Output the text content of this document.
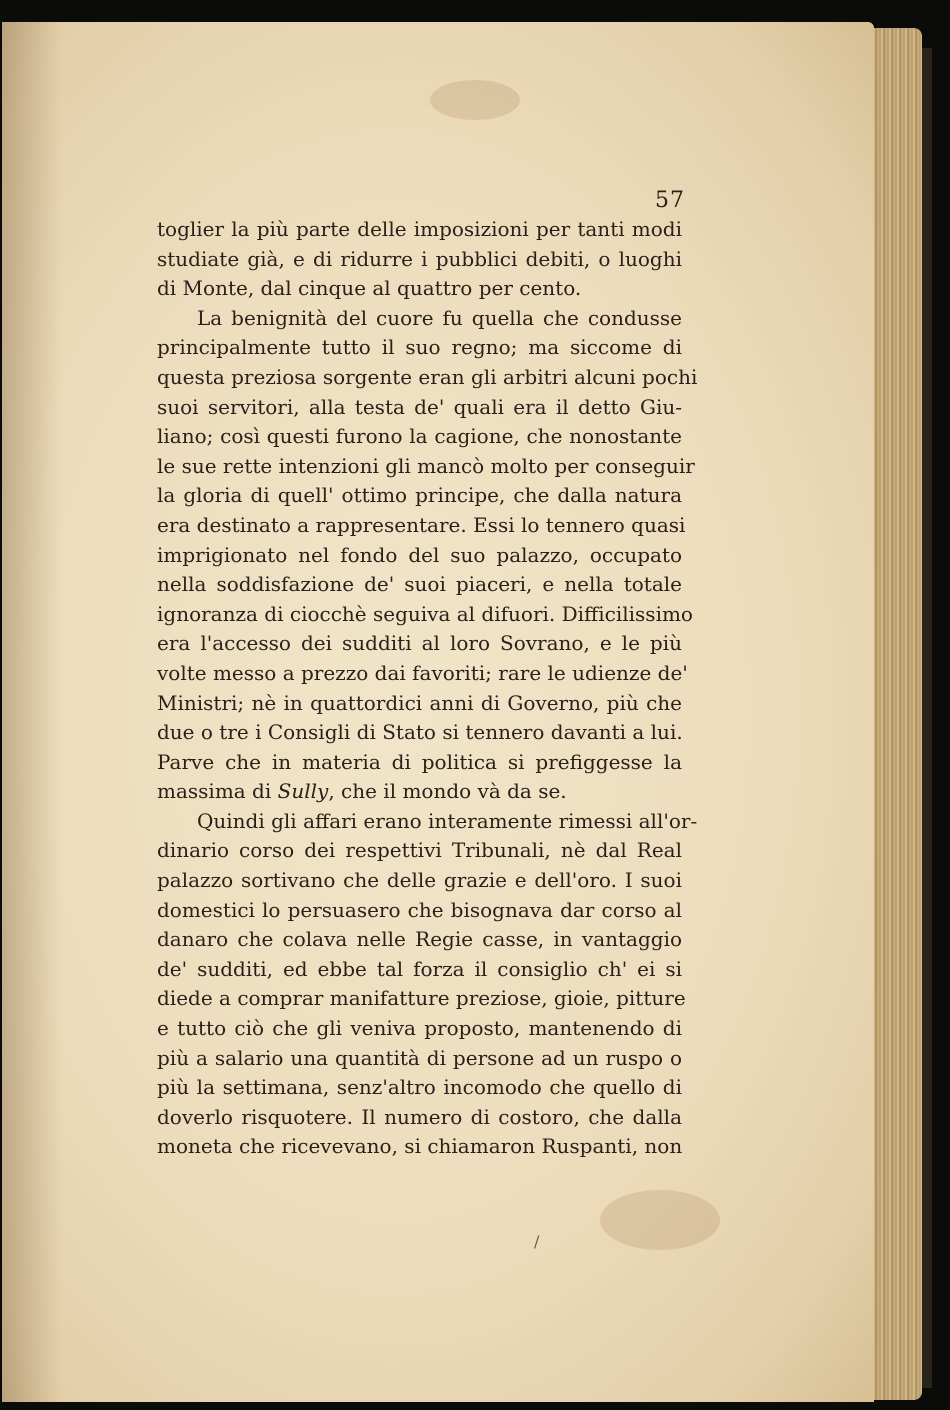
57
toglier la più parte delle imposizioni per tanti modi
studiate già, e di ridurre i pubblici debiti, o luoghi
di Monte, dal cinque al quattro per cento.
La benignità del cuore fu quella che condusse
principalmente tutto il suo regno; ma siccome di
questa preziosa sorgente eran gli arbitri alcuni pochi
suoi servitori, alla testa de' quali era il detto Giu-
liano; così questi furono la cagione, che nonostante
le sue rette intenzioni gli mancò molto per conseguir
la gloria di quell' ottimo principe, che dalla natura
era destinato a rappresentare. Essi lo tennero quasi
imprigionato nel fondo del suo palazzo, occupato
nella soddisfazione de' suoi piaceri, e nella totale
ignoranza di ciocchè seguiva al difuori. Difficilissimo
era l'accesso dei sudditi al loro Sovrano, e le più
volte messo a prezzo dai favoriti; rare le udienze de'
Ministri; nè in quattordici anni di Governo, più che
due o tre i Consigli di Stato si tennero davanti a lui.
Parve che in materia di politica si prefiggesse la
massima di Sully, che il mondo và da se.
Quindi gli affari erano interamente rimessi all'or-
dinario corso dei respettivi Tribunali, nè dal Real
palazzo sortivano che delle grazie e dell'oro. I suoi
domestici lo persuasero che bisognava dar corso al
danaro che colava nelle Regie casse, in vantaggio
de' sudditi, ed ebbe tal forza il consiglio ch' ei si
diede a comprar manifatture preziose, gioie, pitture
e tutto ciò che gli veniva proposto, mantenendo di
più a salario una quantità di persone ad un ruspo o
più la settimana, senz'altro incomodo che quello di
doverlo risquotere. Il numero di costoro, che dalla
moneta che ricevevano, si chiamaron Ruspanti, non
/
